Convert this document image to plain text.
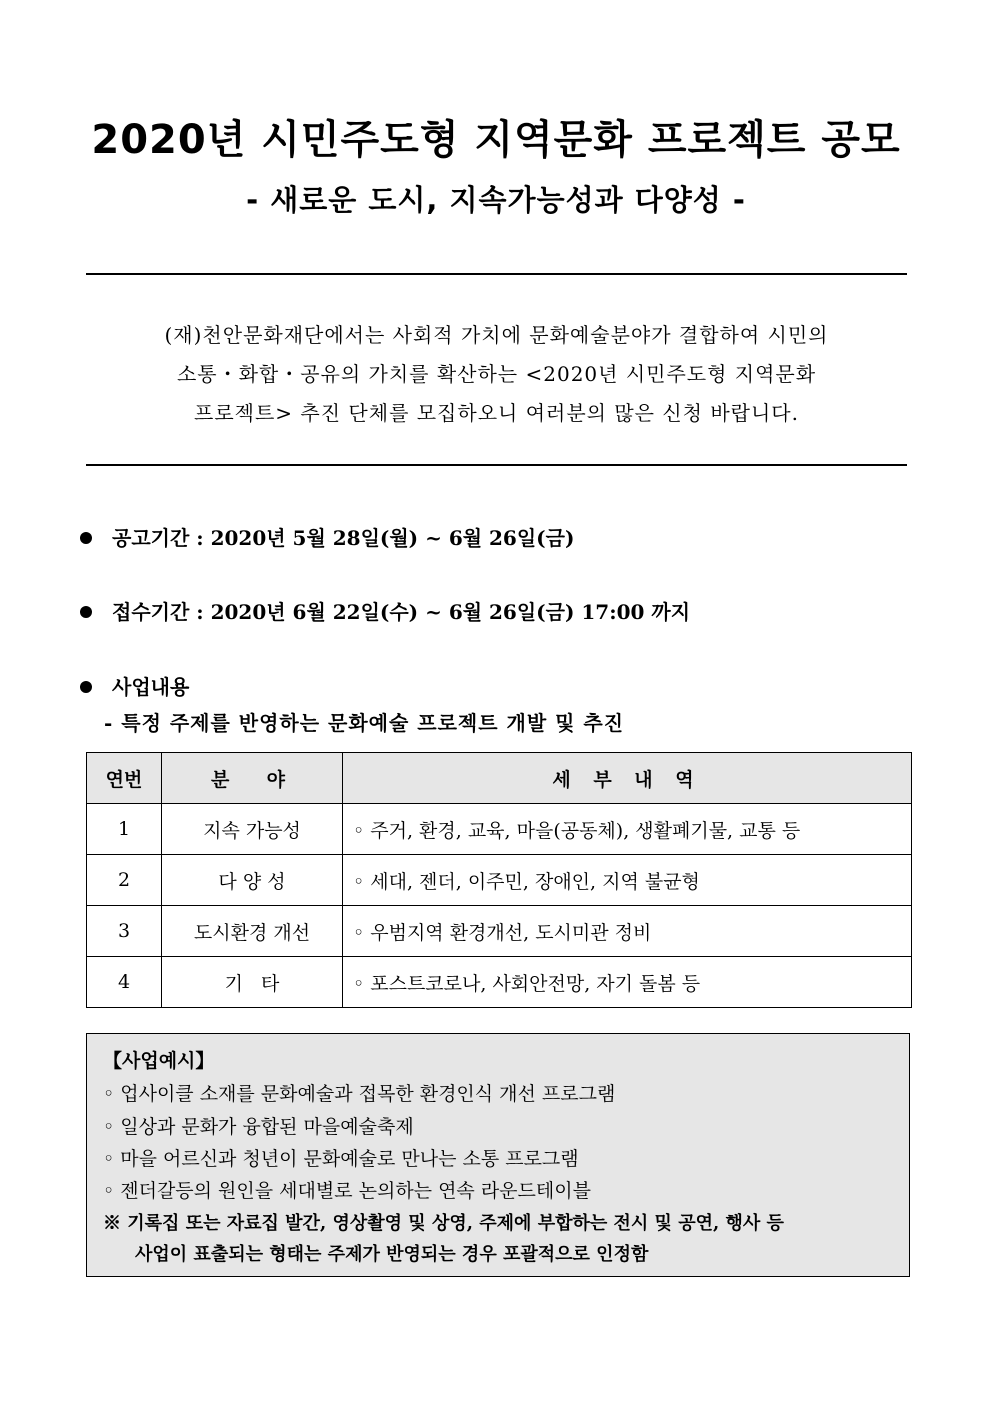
2020년 시민주도형 지역문화 프로젝트 공모
- 새로운 도시, 지속가능성과 다양성 -
(재)천안문화재단에서는 사회적 가치에 문화예술분야가 결합하여 시민의
소통・화합・공유의 가치를 확산하는 <2020년 시민주도형 지역문화
프로젝트> 추진 단체를 모집하오니 여러분의 많은 신청 바랍니다.
공고기간 : 2020년 5월 28일(월) ~ 6월 26일(금)
접수기간 : 2020년 6월 22일(수) ~ 6월 26일(금) 17:00 까지
사업내용
- 특정 주제를 반영하는 문화예술 프로젝트 개발 및 추진
연번	분  야	세 부 내 역
1	지속 가능성	◦ 주거, 환경, 교육, 마을(공동체), 생활폐기물, 교통 등
2	다 양 성	◦ 세대, 젠더, 이주민, 장애인, 지역 불균형
3	도시환경 개선	◦ 우범지역 환경개선, 도시미관 정비
4	기   타	◦ 포스트코로나, 사회안전망, 자기 돌봄 등
【사업예시】
◦ 업사이클 소재를 문화예술과 접목한 환경인식 개선 프로그램
◦ 일상과 문화가 융합된 마을예술축제
◦ 마을 어르신과 청년이 문화예술로 만나는 소통 프로그램
◦ 젠더갈등의 원인을 세대별로 논의하는 연속 라운드테이블
※ 기록집 또는 자료집 발간, 영상촬영 및 상영, 주제에 부합하는 전시 및 공연, 행사 등
사업이 표출되는 형태는 주제가 반영되는 경우 포괄적으로 인정함
